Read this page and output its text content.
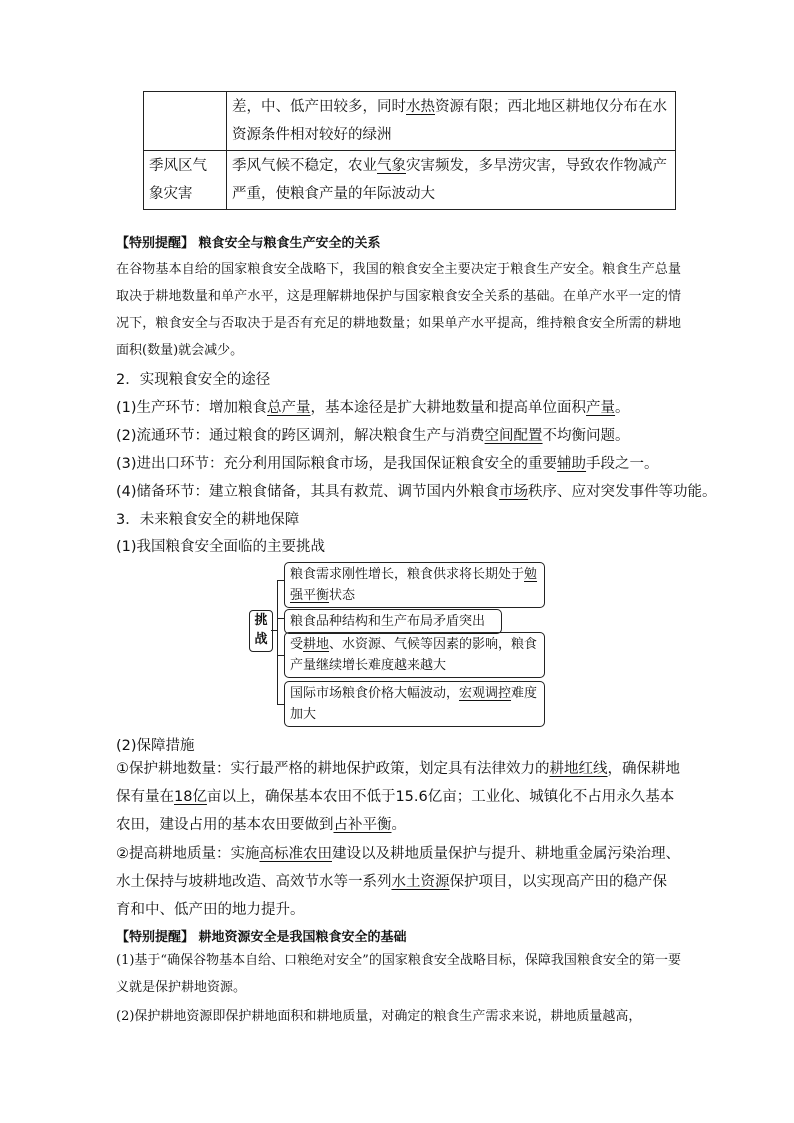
	差，中、低产田较多，同时水热资源有限；西北地区耕地仅分布在水资源条件相对较好的绿洲
季风区气象灾害	季风气候不稳定，农业气象灾害频发，多旱涝灾害，导致农作物减产严重，使粮食产量的年际波动大
【特别提醒】 粮食安全与粮食生产安全的关系
在谷物基本自给的国家粮食安全战略下，我国的粮食安全主要决定于粮食生产安全。粮食生产总量取决于耕地数量和单产水平，这是理解耕地保护与国家粮食安全关系的基础。在单产水平一定的情况下，粮食安全与否取决于是否有充足的耕地数量；如果单产水平提高，维持粮食安全所需的耕地面积(数量)就会减少。
2．实现粮食安全的途径
(1)生产环节：增加粮食总产量，基本途径是扩大耕地数量和提高单位面积产量。
(2)流通环节：通过粮食的跨区调剂，解决粮食生产与消费空间配置不均衡问题。
(3)进出口环节：充分利用国际粮食市场，是我国保证粮食安全的重要辅助手段之一。
(4)储备环节：建立粮食储备，其具有救荒、调节国内外粮食市场秩序、应对突发事件等功能。
3．未来粮食安全的耕地保障
(1)我国粮食安全面临的主要挑战
挑战
粮食需求刚性增长，粮食供求将长期处于勉强平衡状态
粮食品种结构和生产布局矛盾突出
受耕地、水资源、气候等因素的影响，粮食产量继续增长难度越来越大
国际市场粮食价格大幅波动，宏观调控难度加大
(2)保障措施
①保护耕地数量：实行最严格的耕地保护政策，划定具有法律效力的耕地红线，确保耕地保有量在18亿亩以上，确保基本农田不低于15.6亿亩；工业化、城镇化不占用永久基本农田，建设占用的基本农田要做到占补平衡。
②提高耕地质量：实施高标准农田建设以及耕地质量保护与提升、耕地重金属污染治理、水土保持与坡耕地改造、高效节水等一系列水土资源保护项目，以实现高产田的稳产保育和中、低产田的地力提升。
【特别提醒】 耕地资源安全是我国粮食安全的基础
(1)基于“确保谷物基本自给、口粮绝对安全”的国家粮食安全战略目标，保障我国粮食安全的第一要义就是保护耕地资源。
(2)保护耕地资源即保护耕地面积和耕地质量，对确定的粮食生产需求来说，耕地质量越高，
